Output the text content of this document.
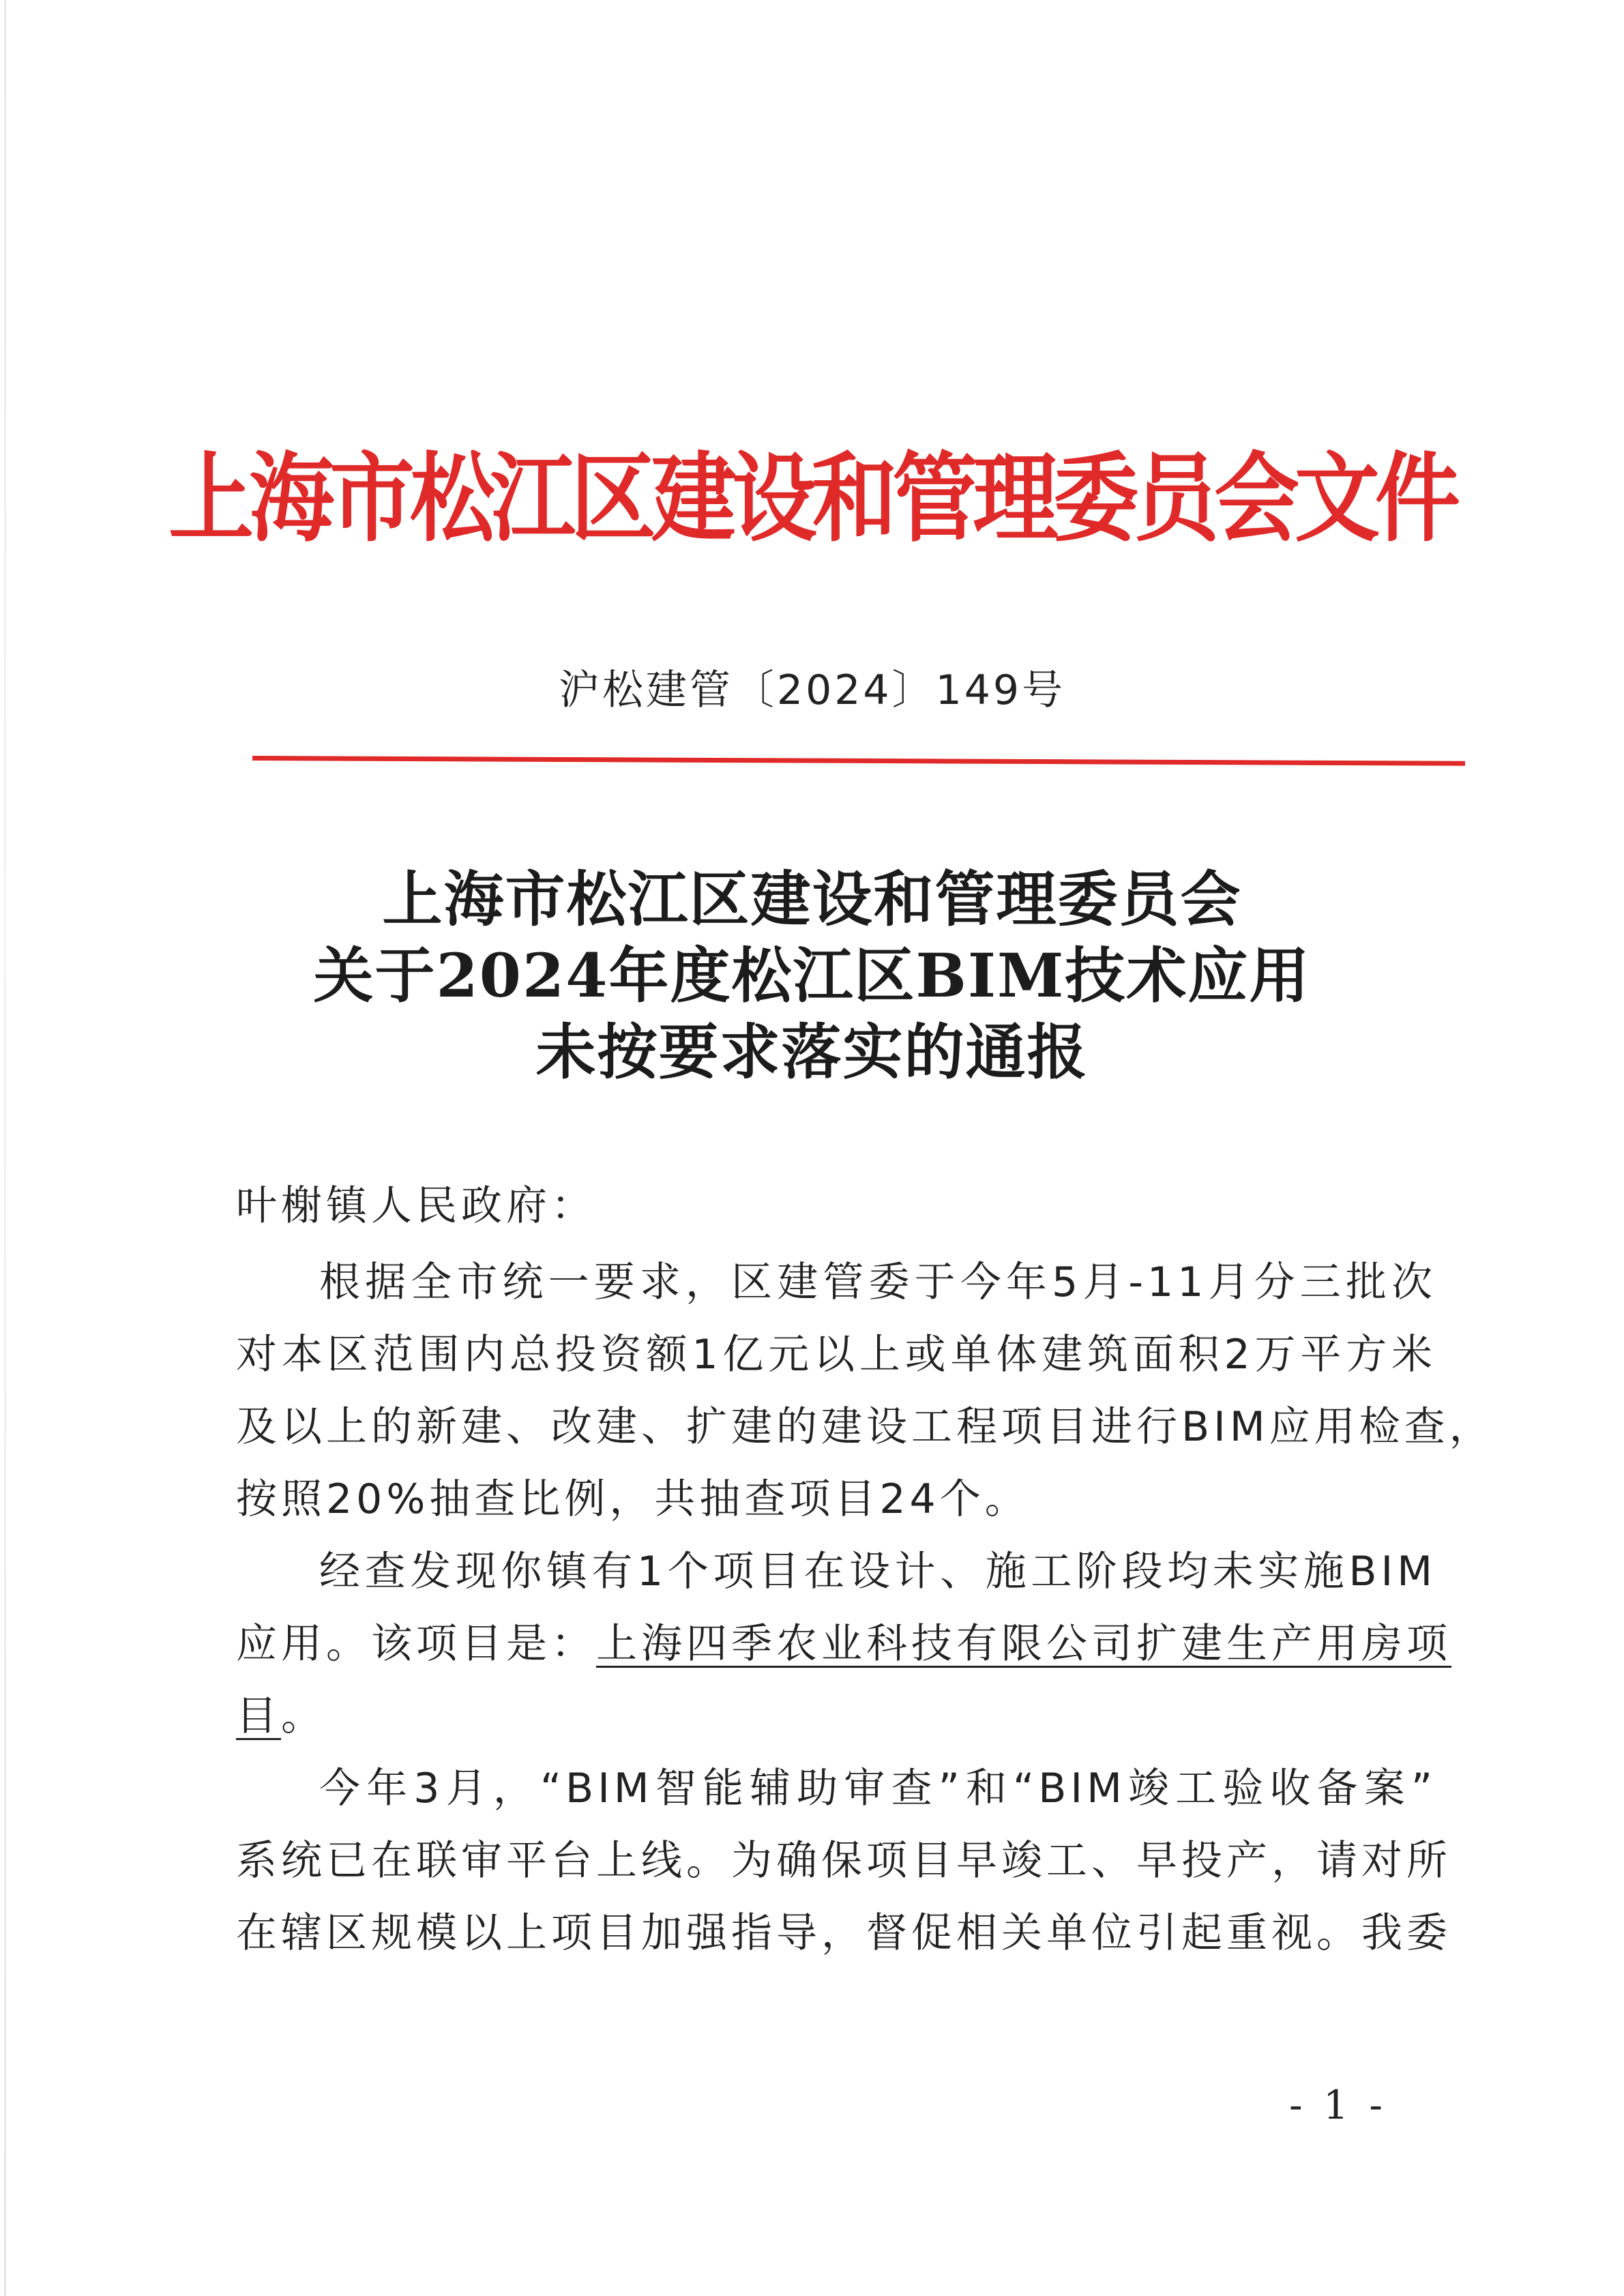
上海市松江区建设和管理委员会文件
沪松建管〔2024〕149号
上海市松江区建设和管理委员会
关于2024年度松江区BIM技术应用
未按要求落实的通报
叶榭镇人民政府：
根据全市统一要求，区建管委于今年5月-11月分三批次
对本区范围内总投资额1亿元以上或单体建筑面积2万平方米
及以上的新建、改建、扩建的建设工程项目进行BIM应用检查，
按照20%抽查比例，共抽查项目24个。
经查发现你镇有1个项目在设计、施工阶段均未实施BIM
应用。该项目是：上海四季农业科技有限公司扩建生产用房项
目。
今年3月，“BIM智能辅助审查”和“BIM竣工验收备案”
系统已在联审平台上线。为确保项目早竣工、早投产，请对所
在辖区规模以上项目加强指导，督促相关单位引起重视。我委
- 1 -
